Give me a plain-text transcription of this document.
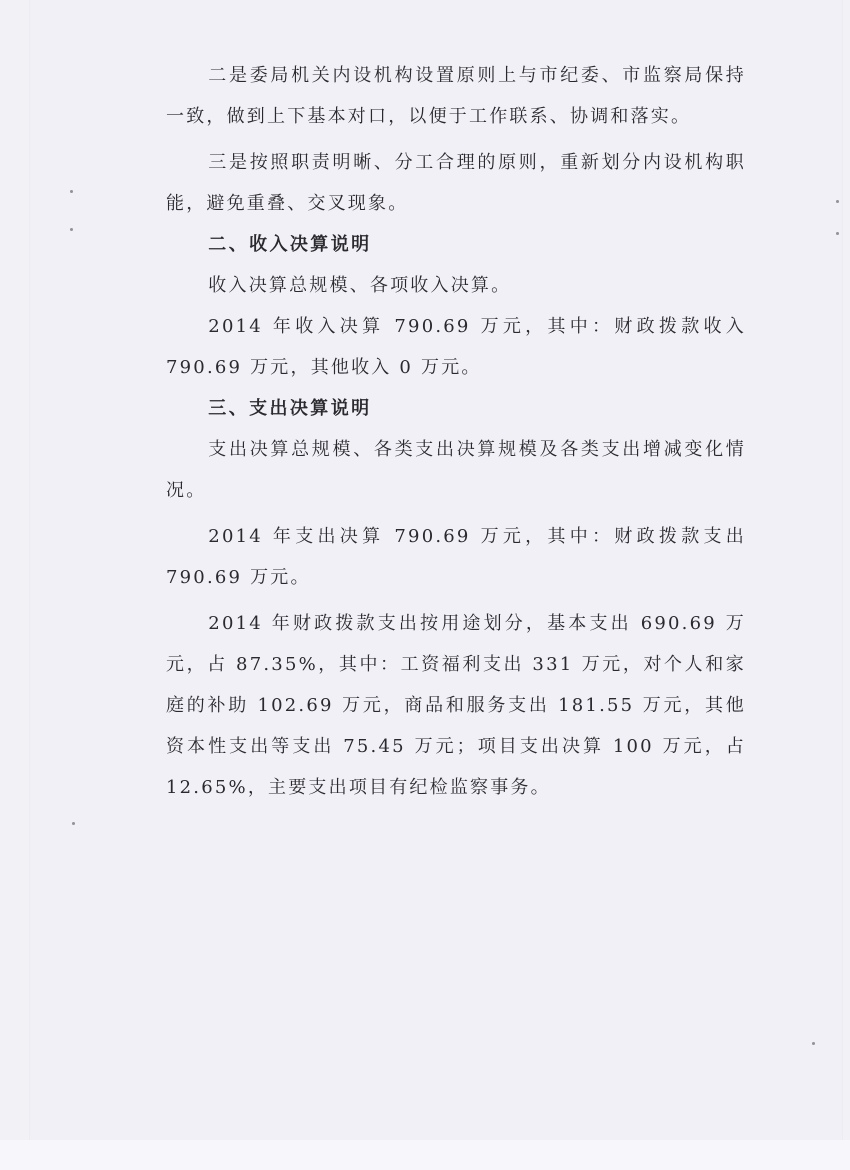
二是委局机关内设机构设置原则上与市纪委、市监察局保持一致，做到上下基本对口，以便于工作联系、协调和落实。

三是按照职责明晰、分工合理的原则，重新划分内设机构职能，避免重叠、交叉现象。

二、收入决算说明

收入决算总规模、各项收入决算。

2014 年收入决算 790.69 万元，其中：财政拨款收入 790.69 万元，其他收入 0 万元。

三、支出决算说明

支出决算总规模、各类支出决算规模及各类支出增减变化情况。

2014 年支出决算 790.69 万元，其中：财政拨款支出 790.69 万元。

2014 年财政拨款支出按用途划分，基本支出 690.69 万元，占 87.35%，其中：工资福利支出 331 万元，对个人和家庭的补助 102.69 万元，商品和服务支出 181.55 万元，其他资本性支出等支出 75.45 万元；项目支出决算 100 万元，占 12.65%，主要支出项目有纪检监察事务。
